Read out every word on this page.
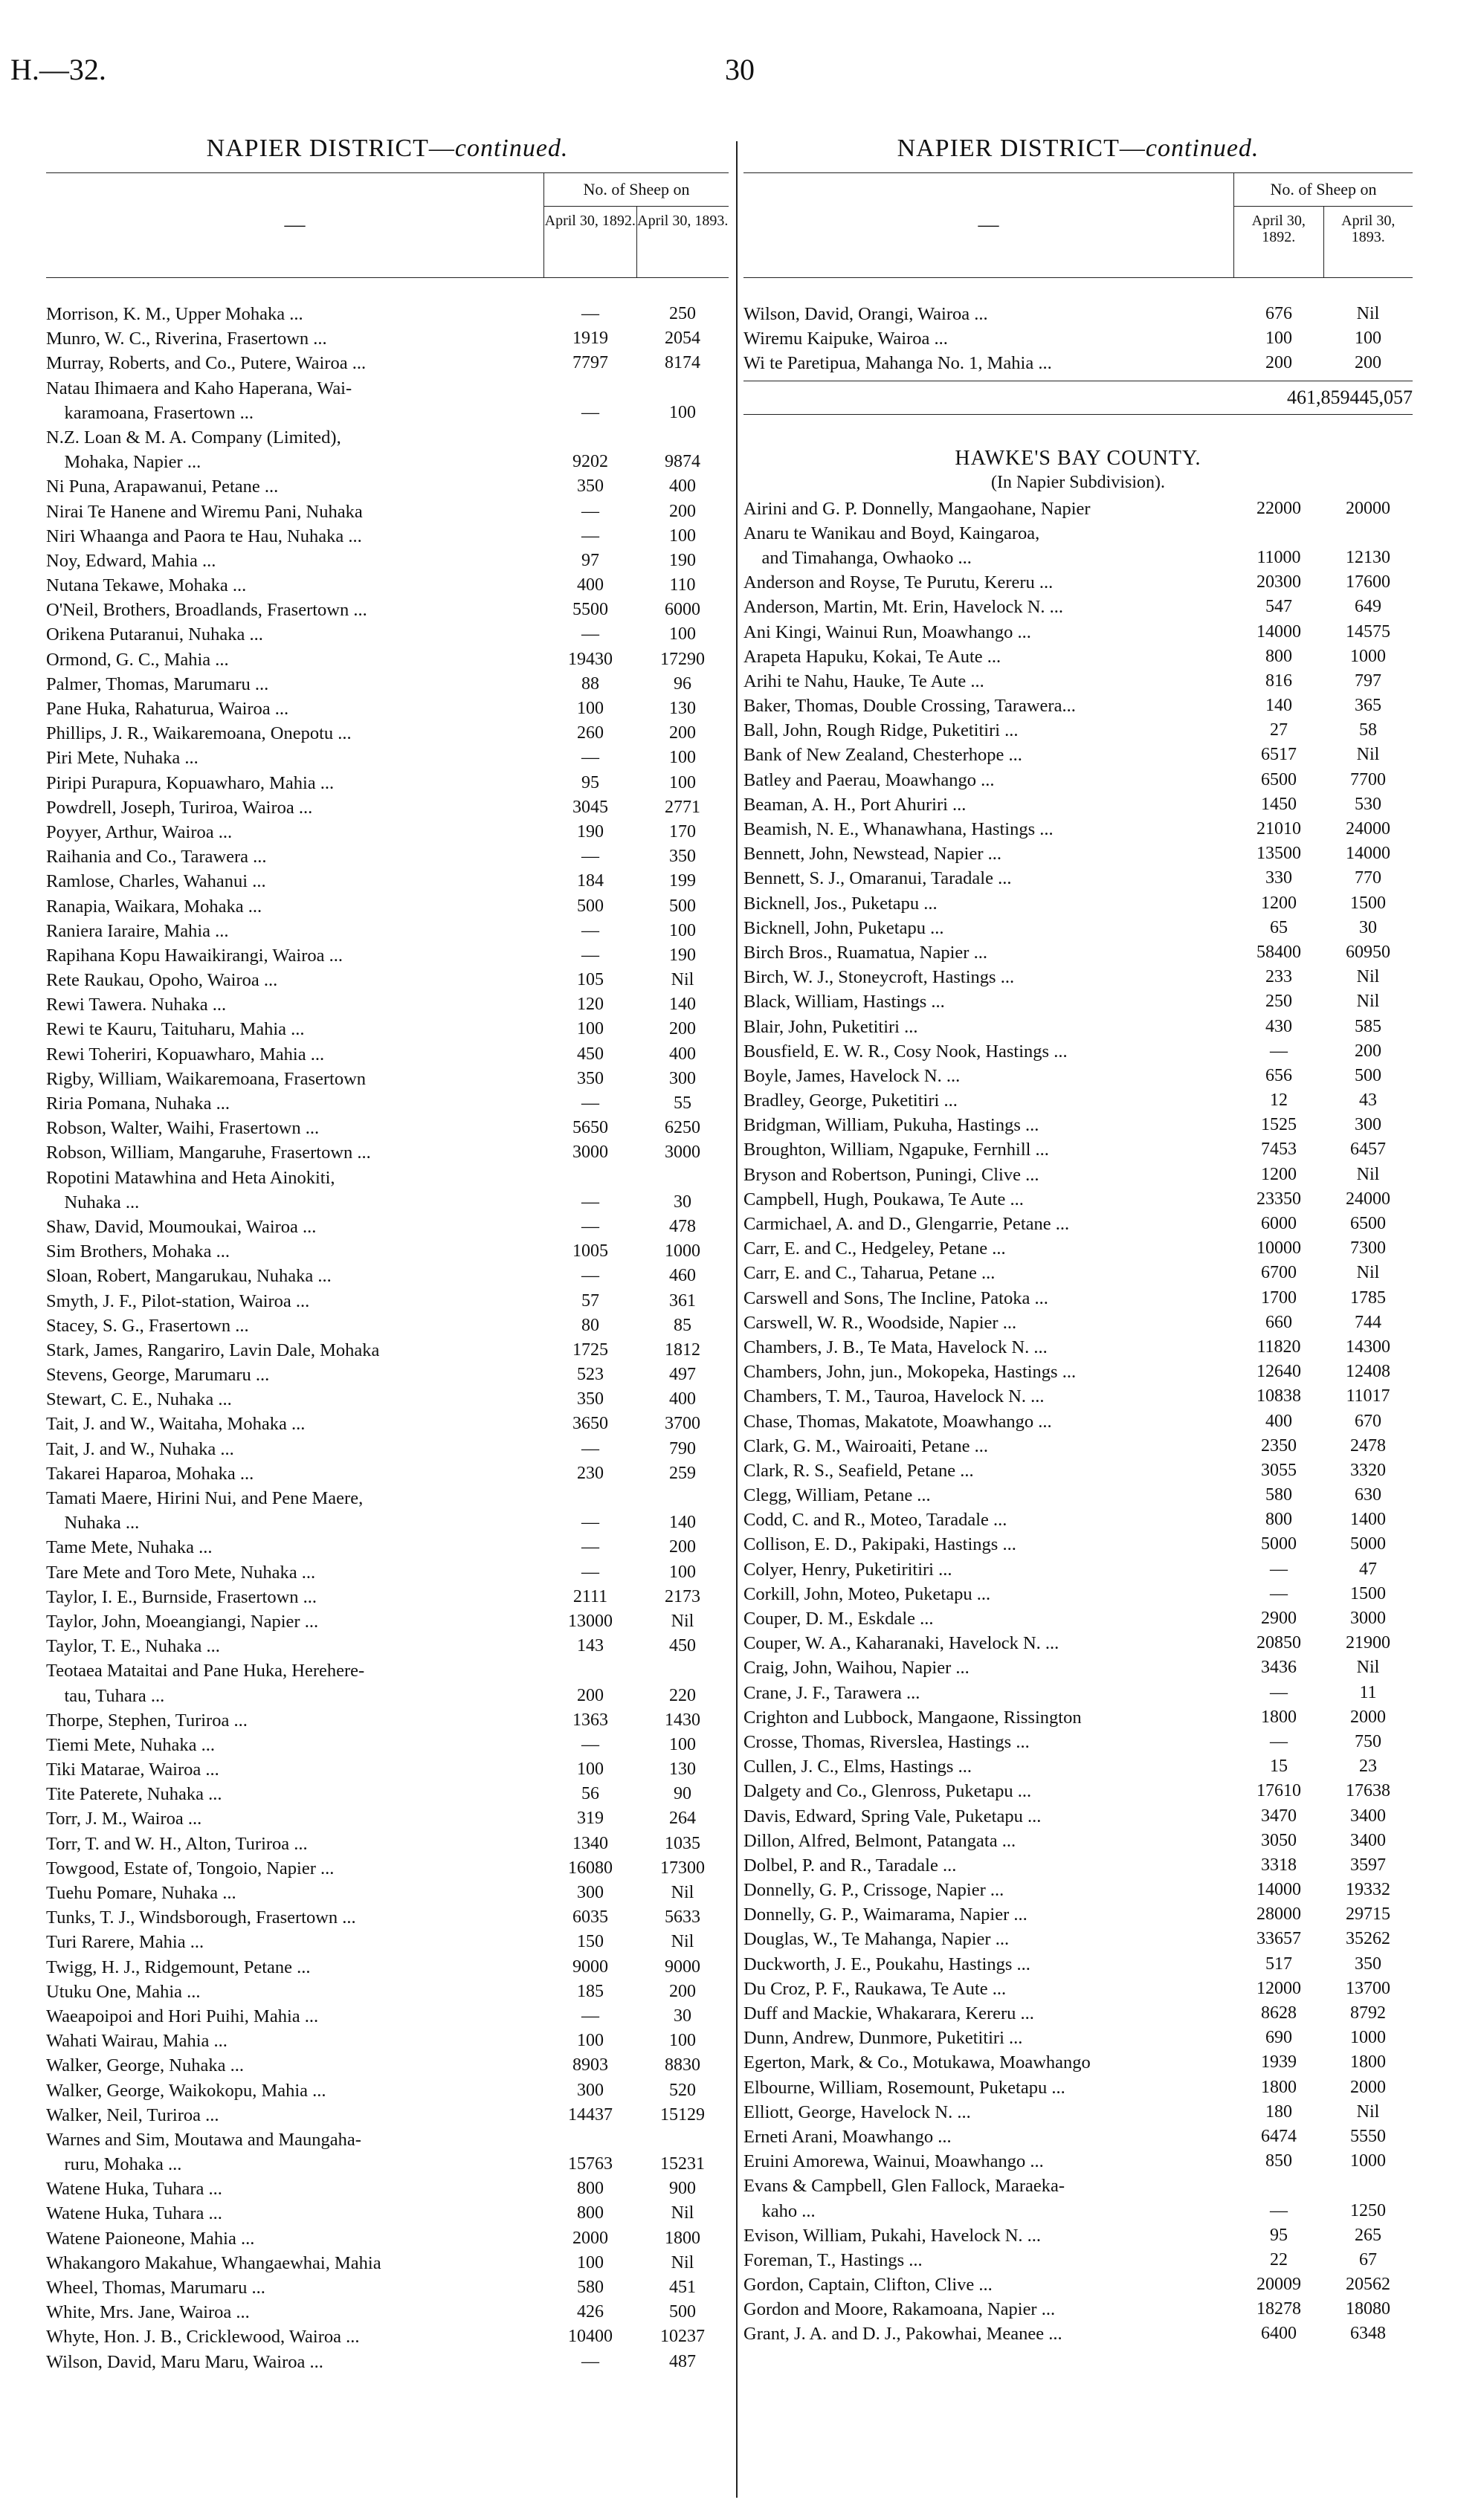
H.—32.	30
NAPIER DISTRICT—continued.
—
No. of Sheep on
April 30, 1892. April 30, 1893.
Morrison, K. M., Upper Mohaka ...	—	250
Munro, W. C., Riverina, Frasertown ...	1919	2054
Murray, Roberts, and Co., Putere, Wairoa ...	7797	8174
Natau Ihimaera and Kaho Haperana, Wai-
karamoana, Frasertown ...	—	100
N.Z. Loan & M. A. Company (Limited),
Mohaka, Napier ...	9202	9874
Ni Puna, Arapawanui, Petane ...	350	400
Nirai Te Hanene and Wiremu Pani, Nuhaka	—	200
Niri Whaanga and Paora te Hau, Nuhaka ...	—	100
Noy, Edward, Mahia ...	97	190
Nutana Tekawe, Mohaka ...	400	110
O'Neil, Brothers, Broadlands, Frasertown ...	5500	6000
Orikena Putaranui, Nuhaka ...	—	100
Ormond, G. C., Mahia ...	19430	17290
Palmer, Thomas, Marumaru ...	88	96
Pane Huka, Rahaturua, Wairoa ...	100	130
Phillips, J. R., Waikaremoana, Onepotu ...	260	200
Piri Mete, Nuhaka ...	—	100
Piripi Purapura, Kopuawharo, Mahia ...	95	100
Powdrell, Joseph, Turiroa, Wairoa ...	3045	2771
Poyyer, Arthur, Wairoa ...	190	170
Raihania and Co., Tarawera ...	—	350
Ramlose, Charles, Wahanui ...	184	199
Ranapia, Waikara, Mohaka ...	500	500
Raniera Iaraire, Mahia ...	—	100
Rapihana Kopu Hawaikirangi, Wairoa ...	—	190
Rete Raukau, Opoho, Wairoa ...	105	Nil
Rewi Tawera. Nuhaka ...	120	140
Rewi te Kauru, Taituharu, Mahia ...	100	200
Rewi Toheriri, Kopuawharo, Mahia ...	450	400
Rigby, William, Waikaremoana, Frasertown	350	300
Riria Pomana, Nuhaka ...	—	55
Robson, Walter, Waihi, Frasertown ...	5650	6250
Robson, William, Mangaruhe, Frasertown ...	3000	3000
Ropotini Matawhina and Heta Ainokiti,
Nuhaka ...	—	30
Shaw, David, Moumoukai, Wairoa ...	—	478
Sim Brothers, Mohaka ...	1005	1000
Sloan, Robert, Mangarukau, Nuhaka ...	—	460
Smyth, J. F., Pilot-station, Wairoa ...	57	361
Stacey, S. G., Frasertown ...	80	85
Stark, James, Rangariro, Lavin Dale, Mohaka	1725	1812
Stevens, George, Marumaru ...	523	497
Stewart, C. E., Nuhaka ...	350	400
Tait, J. and W., Waitaha, Mohaka ...	3650	3700
Tait, J. and W., Nuhaka ...	—	790
Takarei Haparoa, Mohaka ...	230	259
Tamati Maere, Hirini Nui, and Pene Maere,
Nuhaka ...	—	140
Tame Mete, Nuhaka ...	—	200
Tare Mete and Toro Mete, Nuhaka ...	—	100
Taylor, I. E., Burnside, Frasertown ...	2111	2173
Taylor, John, Moeangiangi, Napier ...	13000	Nil
Taylor, T. E., Nuhaka ...	143	450
Teotaea Mataitai and Pane Huka, Herehere-
tau, Tuhara ...	200	220
Thorpe, Stephen, Turiroa ...	1363	1430
Tiemi Mete, Nuhaka ...	—	100
Tiki Matarae, Wairoa ...	100	130
Tite Paterete, Nuhaka ...	56	90
Torr, J. M., Wairoa ...	319	264
Torr, T. and W. H., Alton, Turiroa ...	1340	1035
Towgood, Estate of, Tongoio, Napier ...	16080	17300
Tuehu Pomare, Nuhaka ...	300	Nil
Tunks, T. J., Windsborough, Frasertown ...	6035	5633
Turi Rarere, Mahia ...	150	Nil
Twigg, H. J., Ridgemount, Petane ...	9000	9000
Utuku One, Mahia ...	185	200
Waeapoipoi and Hori Puihi, Mahia ...	—	30
Wahati Wairau, Mahia ...	100	100
Walker, George, Nuhaka ...	8903	8830
Walker, George, Waikokopu, Mahia ...	300	520
Walker, Neil, Turiroa ...	14437	15129
Warnes and Sim, Moutawa and Maungaha-
ruru, Mohaka ...	15763	15231
Watene Huka, Tuhara ...	800	900
Watene Huka, Tuhara ...	800	Nil
Watene Paioneone, Mahia ...	2000	1800
Whakangoro Makahue, Whangaewhai, Mahia	100	Nil
Wheel, Thomas, Marumaru ...	580	451
White, Mrs. Jane, Wairoa ...	426	500
Whyte, Hon. J. B., Cricklewood, Wairoa ...	10400	10237
Wilson, David, Maru Maru, Wairoa ...	—	487
NAPIER DISTRICT—continued.
—
No. of Sheep on
April 30, 1892.
April 30, 1893.
Wilson, David, Orangi, Wairoa ...	676	Nil
Wiremu Kaipuke, Wairoa ...	100	100
Wi te Paretipua, Mahanga No. 1, Mahia ...	200	200
461,859 445,057
HAWKE'S BAY COUNTY.
(In Napier Subdivision).
Airini and G. P. Donnelly, Mangaohane, Napier	22000	20000
Anaru te Wanikau and Boyd, Kaingaroa,
and Timahanga, Owhaoko ...	11000	12130
Anderson and Royse, Te Purutu, Kereru ...	20300	17600
Anderson, Martin, Mt. Erin, Havelock N. ...	547	649
Ani Kingi, Wainui Run, Moawhango ...	14000	14575
Arapeta Hapuku, Kokai, Te Aute ...	800	1000
Arihi te Nahu, Hauke, Te Aute ...	816	797
Baker, Thomas, Double Crossing, Tarawera...	140	365
Ball, John, Rough Ridge, Puketitiri ...	27	58
Bank of New Zealand, Chesterhope ...	6517	Nil
Batley and Paerau, Moawhango ...	6500	7700
Beaman, A. H., Port Ahuriri ...	1450	530
Beamish, N. E., Whanawhana, Hastings ...	21010	24000
Bennett, John, Newstead, Napier ...	13500	14000
Bennett, S. J., Omaranui, Taradale ...	330	770
Bicknell, Jos., Puketapu ...	1200	1500
Bicknell, John, Puketapu ...	65	30
Birch Bros., Ruamatua, Napier ...	58400	60950
Birch, W. J., Stoneycroft, Hastings ...	233	Nil
Black, William, Hastings ...	250	Nil
Blair, John, Puketitiri ...	430	585
Bousfield, E. W. R., Cosy Nook, Hastings ...	—	200
Boyle, James, Havelock N. ...	656	500
Bradley, George, Puketitiri ...	12	43
Bridgman, William, Pukuha, Hastings ...	1525	300
Broughton, William, Ngapuke, Fernhill ...	7453	6457
Bryson and Robertson, Puningi, Clive ...	1200	Nil
Campbell, Hugh, Poukawa, Te Aute ...	23350	24000
Carmichael, A. and D., Glengarrie, Petane ...	6000	6500
Carr, E. and C., Hedgeley, Petane ...	10000	7300
Carr, E. and C., Taharua, Petane ...	6700	Nil
Carswell and Sons, The Incline, Patoka ...	1700	1785
Carswell, W. R., Woodside, Napier ...	660	744
Chambers, J. B., Te Mata, Havelock N. ...	11820	14300
Chambers, John, jun., Mokopeka, Hastings ...	12640	12408
Chambers, T. M., Tauroa, Havelock N. ...	10838	11017
Chase, Thomas, Makatote, Moawhango ...	400	670
Clark, G. M., Wairoaiti, Petane ...	2350	2478
Clark, R. S., Seafield, Petane ...	3055	3320
Clegg, William, Petane ...	580	630
Codd, C. and R., Moteo, Taradale ...	800	1400
Collison, E. D., Pakipaki, Hastings ...	5000	5000
Colyer, Henry, Puketiritiri ...	—	47
Corkill, John, Moteo, Puketapu ...	—	1500
Couper, D. M., Eskdale ...	2900	3000
Couper, W. A., Kaharanaki, Havelock N. ...	20850	21900
Craig, John, Waihou, Napier ...	3436	Nil
Crane, J. F., Tarawera ...	—	11
Crighton and Lubbock, Mangaone, Rissington	1800	2000
Crosse, Thomas, Riverslea, Hastings ...	—	750
Cullen, J. C., Elms, Hastings ...	15	23
Dalgety and Co., Glenross, Puketapu ...	17610	17638
Davis, Edward, Spring Vale, Puketapu ...	3470	3400
Dillon, Alfred, Belmont, Patangata ...	3050	3400
Dolbel, P. and R., Taradale ...	3318	3597
Donnelly, G. P., Crissoge, Napier ...	14000	19332
Donnelly, G. P., Waimarama, Napier ...	28000	29715
Douglas, W., Te Mahanga, Napier ...	33657	35262
Duckworth, J. E., Poukahu, Hastings ...	517	350
Du Croz, P. F., Raukawa, Te Aute ...	12000	13700
Duff and Mackie, Whakarara, Kereru ...	8628	8792
Dunn, Andrew, Dunmore, Puketitiri ...	690	1000
Egerton, Mark, & Co., Motukawa, Moawhango	1939	1800
Elbourne, William, Rosemount, Puketapu ...	1800	2000
Elliott, George, Havelock N. ...	180	Nil
Erneti Arani, Moawhango ...	6474	5550
Eruini Amorewa, Wainui, Moawhango ...	850	1000
Evans & Campbell, Glen Fallock, Maraeka-
kaho ...	—	1250
Evison, William, Pukahi, Havelock N. ...	95	265
Foreman, T., Hastings ...	22	67
Gordon, Captain, Clifton, Clive ...	20009	20562
Gordon and Moore, Rakamoana, Napier ...	18278	18080
Grant, J. A. and D. J., Pakowhai, Meanee ...	6400	6348
